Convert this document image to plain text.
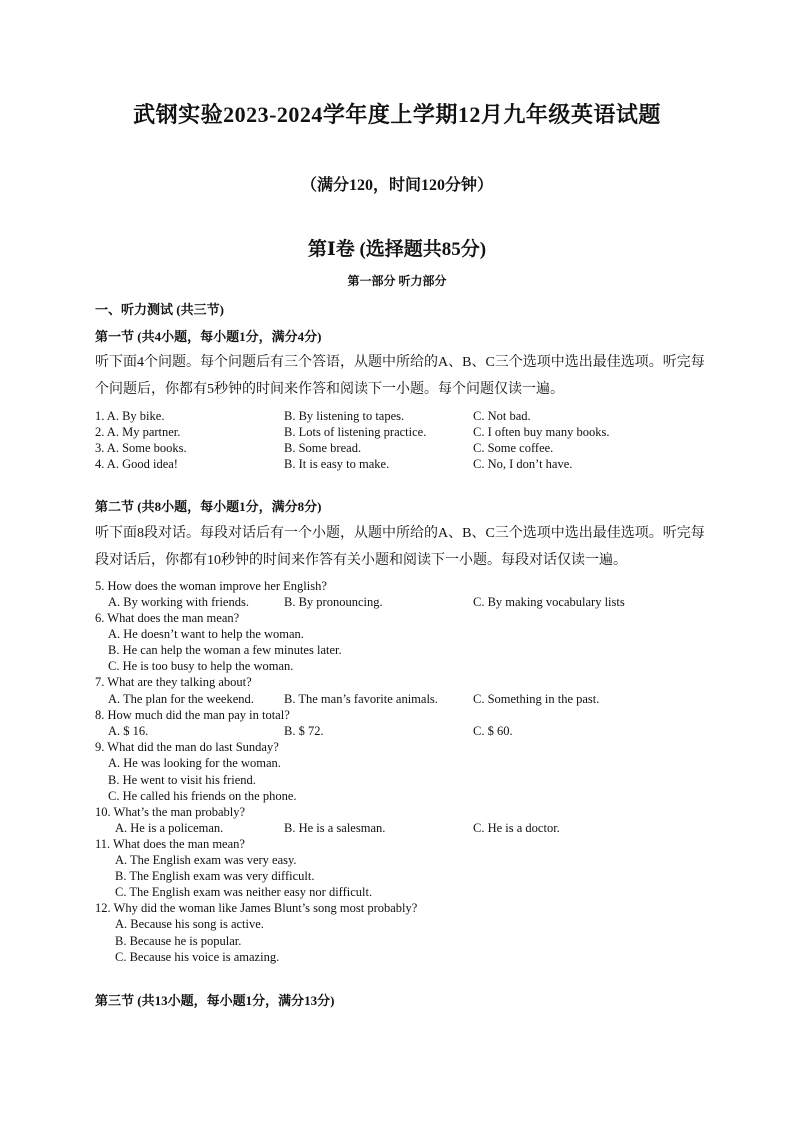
武钢实验2023-2024学年度上学期12月九年级英语试题
（满分120，时间120分钟）
第Ⅰ卷 (选择题共85分)
第一部分 听力部分
一、听力测试 (共三节)
第一节 (共4小题，每小题1分，满分4分)
听下面4个问题。每个问题后有三个答语，从题中所给的A、B、C三个选项中选出最佳选项。听完每
个问题后，你都有5秒钟的时间来作答和阅读下一小题。每个问题仅读一遍。
1. A. By bike.	B. By listening to tapes.	C. Not bad.
2. A. My partner.	B. Lots of listening practice.	C. I often buy many books.
3. A. Some books.	B. Some bread.	C. Some coffee.
4. A. Good idea!	B. It is easy to make.	C. No, I don’t have.
第二节 (共8小题，每小题1分，满分8分)
听下面8段对话。每段对话后有一个小题，从题中所给的A、B、C三个选项中选出最佳选项。听完每
段对话后，你都有10秒钟的时间来作答有关小题和阅读下一小题。每段对话仅读一遍。
5. How does the woman improve her English?
A. By working with friends.	B. By pronouncing.	C. By making vocabulary lists
6. What does the man mean?
A. He doesn’t want to help the woman.
B. He can help the woman a few minutes later.
C. He is too busy to help the woman.
7. What are they talking about?
A. The plan for the weekend. B. The man’s favorite animals.	C. Something in the past.
8. How much did the man pay in total?
A. $ 16.	B. $ 72.	C. $ 60.
9. What did the man do last Sunday?
A. He was looking for the woman.
B. He went to visit his friend.
C. He called his friends on the phone.
10. What’s the man probably?
A. He is a policeman.	B. He is a salesman.	C. He is a doctor.
11. What does the man mean?
A. The English exam was very easy.
B. The English exam was very difficult.
C. The English exam was neither easy nor difficult.
12. Why did the woman like James Blunt’s song most probably?
A. Because his song is active.
B. Because he is popular.
C. Because his voice is amazing.
第三节 (共13小题，每小题1分，满分13分)
